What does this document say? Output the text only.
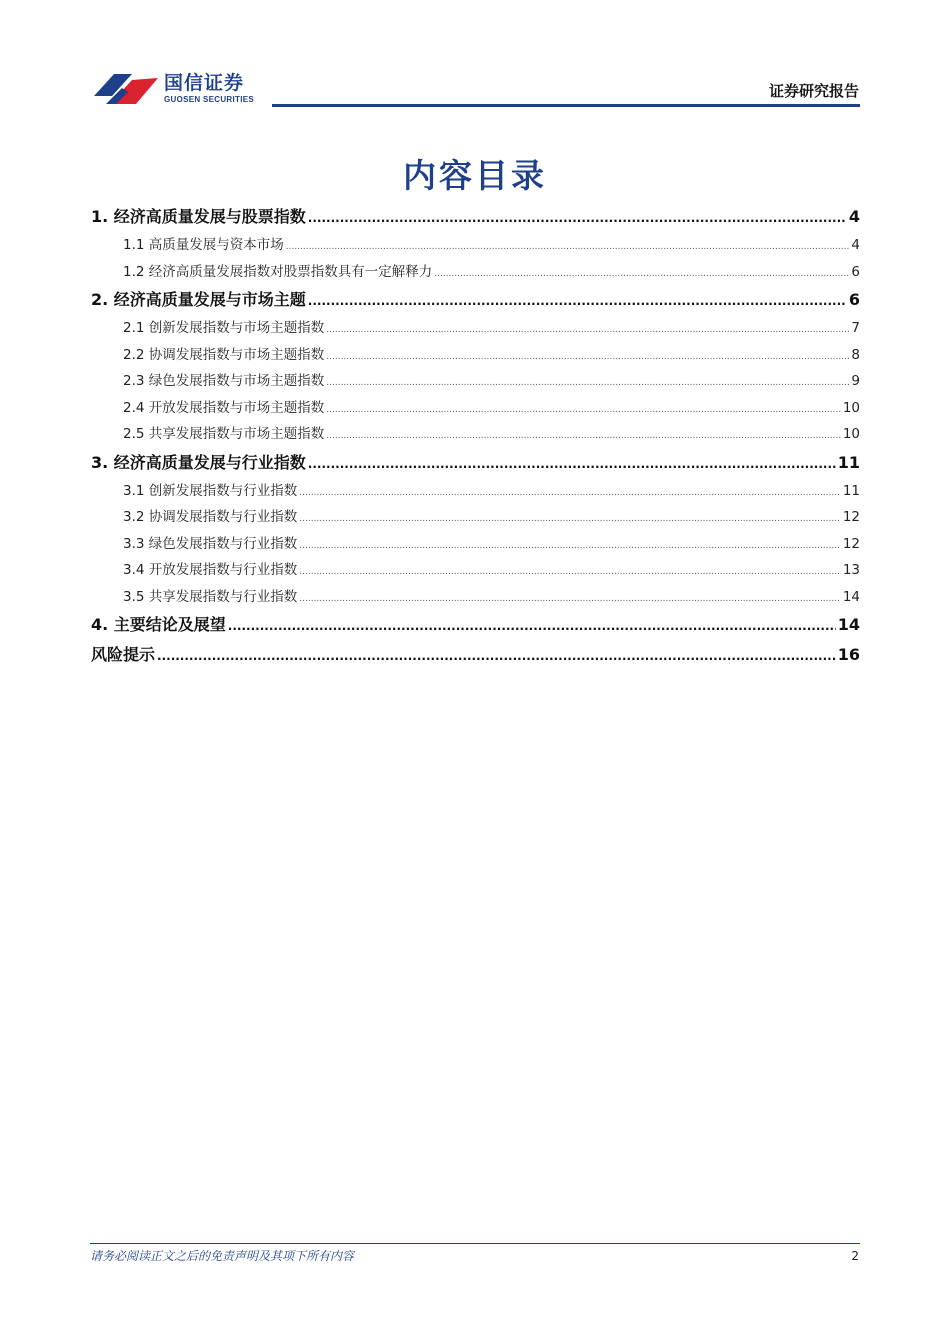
国信证券
GUOSEN SECURITIES	证券研究报告
内容目录
1. 经济高质量发展与股票指数 .....	4
1.1 高质量发展与资本市场 .....	4
1.2 经济高质量发展指数对股票指数具有一定解释力 .....	6
2. 经济高质量发展与市场主题 .....	6
2.1 创新发展指数与市场主题指数 .....	7
2.2 协调发展指数与市场主题指数 .....	8
2.3 绿色发展指数与市场主题指数 .....	9
2.4 开放发展指数与市场主题指数 .....	10
2.5 共享发展指数与市场主题指数 .....	10
3. 经济高质量发展与行业指数 .....	11
3.1 创新发展指数与行业指数 .....	11
3.2 协调发展指数与行业指数 .....	12
3.3 绿色发展指数与行业指数 .....	12
3.4 开放发展指数与行业指数 .....	13
3.5 共享发展指数与行业指数 .....	14
4. 主要结论及展望 .....	14
风险提示 .....	16
请务必阅读正文之后的免责声明及其项下所有内容	2
